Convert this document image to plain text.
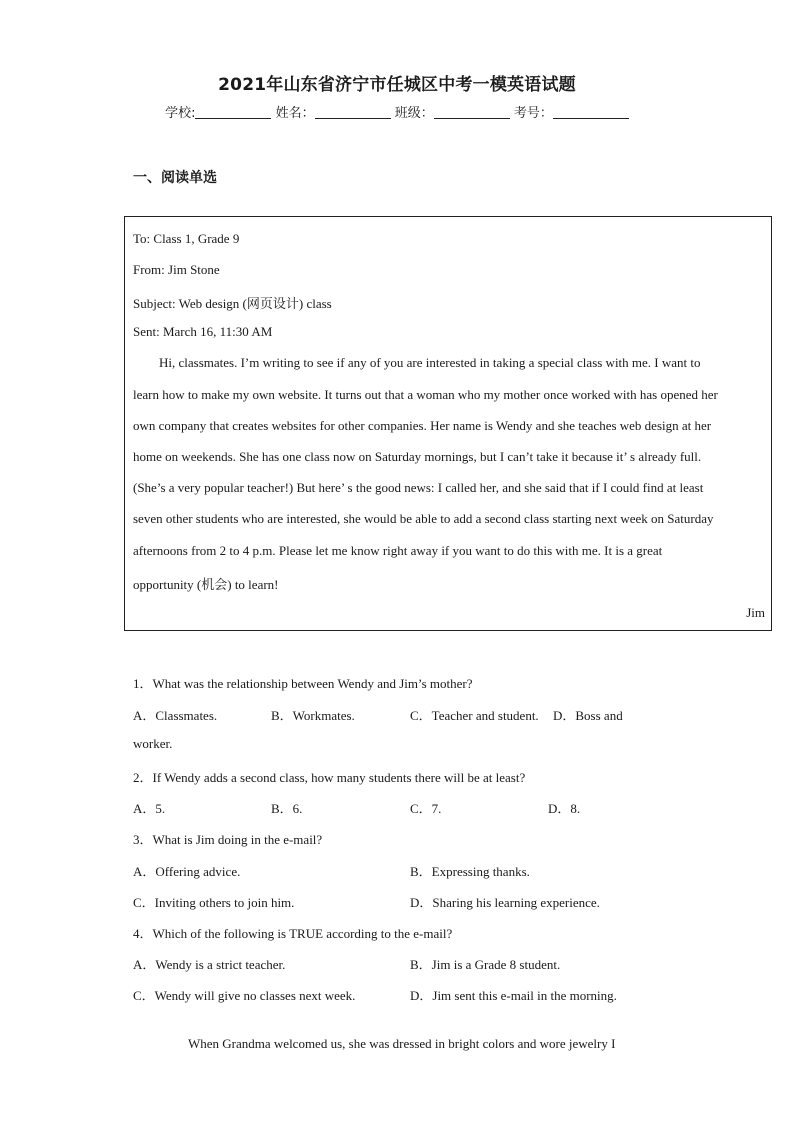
2021年山东省济宁市任城区中考一模英语试题
学校:	姓名：	班级：	考号：
一、阅读单选
To: Class 1, Grade 9
From: Jim Stone
Subject: Web design (网页设计) class
Sent: March 16, 11:30 AM
Hi, classmates. I’m writing to see if any of you are interested in taking a special class with me. I want to
learn how to make my own website. It turns out that a woman who my mother once worked with has opened her
own company that creates websites for other companies. Her name is Wendy and she teaches web design at her
home on weekends. She has one class now on Saturday mornings, but I can’t take it because it’ s already full.
(She’s a very popular teacher!) But here’ s the good news: I called her, and she said that if I could find at least
seven other students who are interested, she would be able to add a second class starting next week on Saturday
afternoons from 2 to 4 p.m. Please let me know right away if you want to do this with me. It is a great
opportunity (机会) to learn!
Jim
1．What was the relationship between Wendy and Jim’s mother?
A．Classmates.	B．Workmates.	C．Teacher and student. D．Boss and
worker.
2．If Wendy adds a second class, how many students there will be at least?
A．5.	B．6.	C．7.	D．8.
3．What is Jim doing in the e-mail?
A．Offering advice.	B．Expressing thanks.
C．Inviting others to join him.	D．Sharing his learning experience.
4．Which of the following is TRUE according to the e-mail?
A．Wendy is a strict teacher.	B．Jim is a Grade 8 student.
C．Wendy will give no classes next week.	D．Jim sent this e-mail in the morning.
When Grandma welcomed us, she was dressed in bright colors and wore jewelry I
